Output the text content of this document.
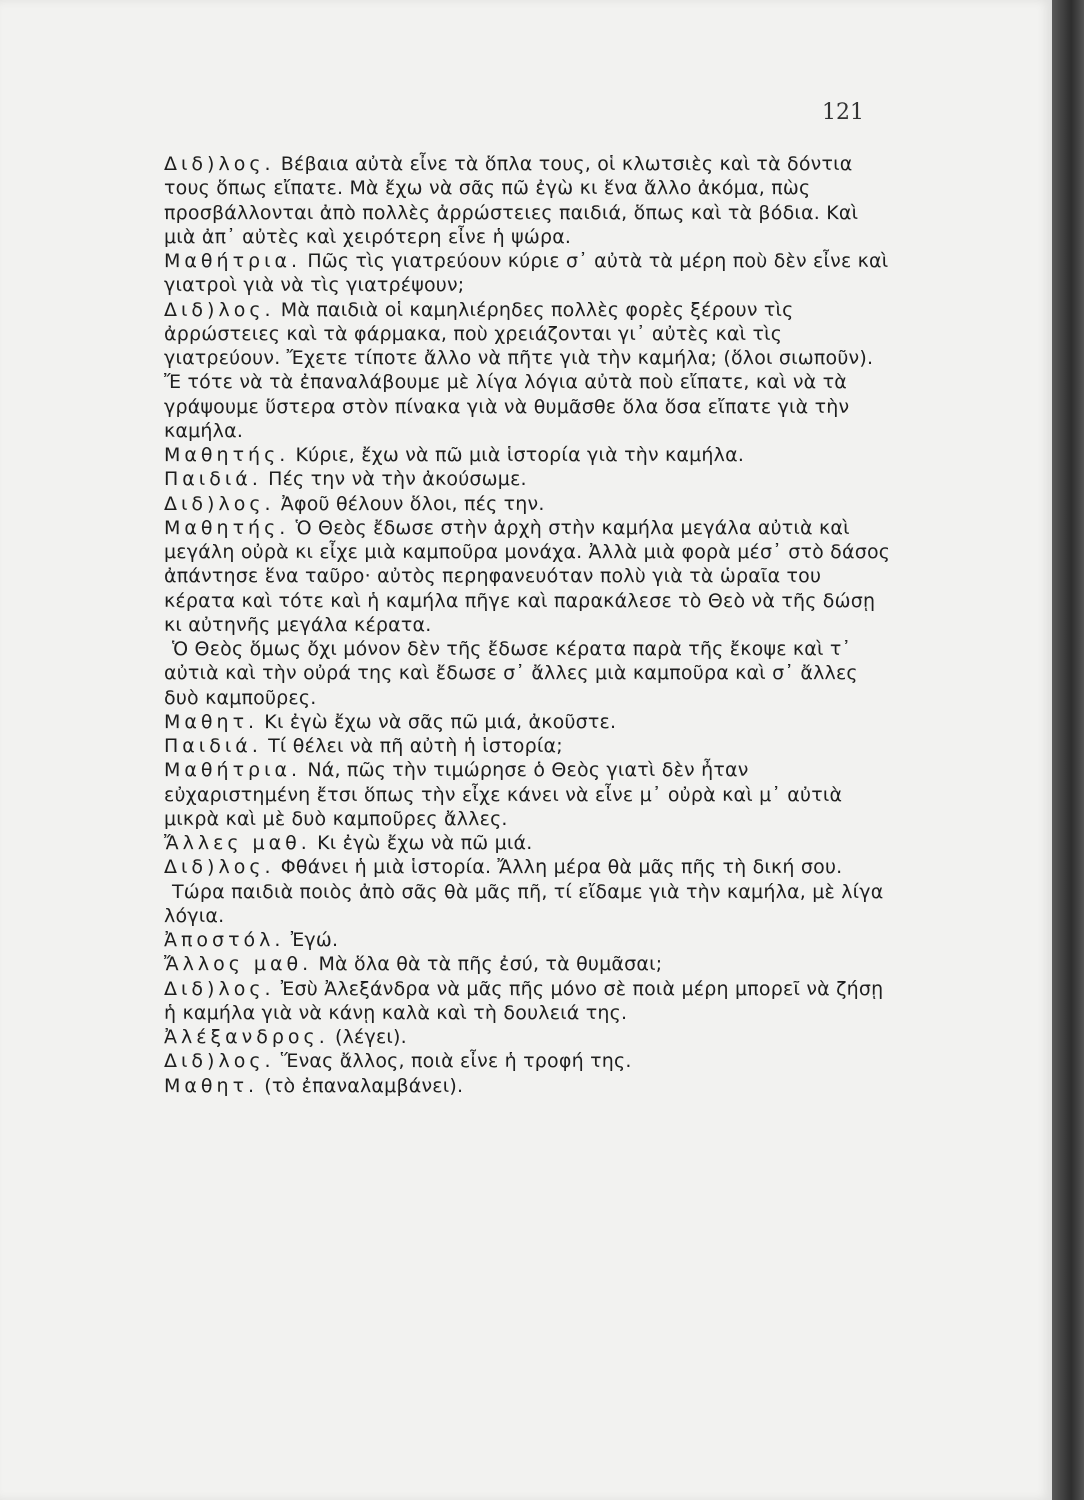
121

Διδ)λος. Βέβαια αὐτὰ εἶνε τὰ ὅπλα τους, οἱ κλωτσιὲς καὶ τὰ δόντια τους ὅπως εἴπατε. Μὰ ἔχω νὰ σᾶς πῶ ἐγὼ κι ἕνα ἄλλο ἀκόμα, πὼς προσβάλλονται ἀπὸ πολλὲς ἀρρώστειες παιδιά, ὅπως καὶ τὰ βόδια. Καὶ μιὰ ἀπ᾽ αὐτὲς καὶ χειρότερη εἶνε ἡ ψώρα.

Μαθήτρια. Πῶς τὶς γιατρεύουν κύριε σ᾽ αὐτὰ τὰ μέρη ποὺ δὲν εἶνε καὶ γιατροὶ γιὰ νὰ τὶς γιατρέψουν;

Διδ)λος. Μὰ παιδιὰ οἱ καμηλιέρηδες πολλὲς φορὲς ξέρουν τὶς ἀρρώστειες καὶ τὰ φάρμακα, ποὺ χρειάζονται γι᾽ αὐτὲς καὶ τὶς γιατρεύουν. Ἔχετε τίποτε ἄλλο νὰ πῆτε γιὰ τὴν καμήλα; (ὅλοι σιωποῦν). Ἔ τότε νὰ τὰ ἐπαναλάβουμε μὲ λίγα λόγια αὐτὰ ποὺ εἴπατε, καὶ νὰ τὰ γράψουμε ὕστερα στὸν πίνακα γιὰ νὰ θυμᾶσθε ὅλα ὅσα εἴπατε γιὰ τὴν καμήλα.

Μαθητής. Κύριε, ἔχω νὰ πῶ μιὰ ἱστορία γιὰ τὴν καμήλα.

Παιδιά. Πές την νὰ τὴν ἀκούσωμε.

Διδ)λος. Ἀφοῦ θέλουν ὅλοι, πές την.

Μαθητής. Ὁ Θεὸς ἔδωσε στὴν ἀρχὴ στὴν καμήλα μεγάλα αὐτιὰ καὶ μεγάλη οὐρὰ κι εἶχε μιὰ καμποῦρα μονάχα. Ἀλλὰ μιὰ φορὰ μέσ᾽ στὸ δάσος ἀπάντησε ἕνα ταῦρο· αὐτὸς περηφανευόταν πολὺ γιὰ τὰ ὡραῖα του κέρατα καὶ τότε καὶ ἡ καμήλα πῆγε καὶ παρακάλεσε τὸ Θεὸ νὰ τῆς δώσῃ κι αὐτηνῆς μεγάλα κέρατα.

Ὁ Θεὸς ὅμως ὄχι μόνον δὲν τῆς ἔδωσε κέρατα παρὰ τῆς ἔκοψε καὶ τ᾽ αὐτιὰ καὶ τὴν οὐρά της καὶ ἔδωσε σ᾽ ἄλλες μιὰ καμποῦρα καὶ σ᾽ ἄλλες δυὸ καμποῦρες.

Μαθητ. Κι ἐγὼ ἔχω νὰ σᾶς πῶ μιά, ἀκοῦστε.

Παιδιά. Τί θέλει νὰ πῆ αὐτὴ ἡ ἱστορία;

Μαθήτρια. Νά, πῶς τὴν τιμώρησε ὁ Θεὸς γιατὶ δὲν ἦταν εὐχαριστημένη ἔτσι ὅπως τὴν εἶχε κάνει νὰ εἶνε μ᾽ οὐρὰ καὶ μ᾽ αὐτιὰ μικρὰ καὶ μὲ δυὸ καμποῦρες ἄλλες.

Ἄλλες μαθ. Κι ἐγὼ ἔχω νὰ πῶ μιά.

Διδ)λος. Φθάνει ἡ μιὰ ἱστορία. Ἄλλη μέρα θὰ μᾶς πῆς τὴ δική σου.

Τώρα παιδιὰ ποιὸς ἀπὸ σᾶς θὰ μᾶς πῆ, τί εἴδαμε γιὰ τὴν καμήλα, μὲ λίγα λόγια.

Ἀποστόλ. Ἐγώ.

Ἄλλος μαθ. Μὰ ὅλα θὰ τὰ πῆς ἐσύ, τὰ θυμᾶσαι;

Διδ)λος. Ἐσὺ Ἀλεξάνδρα νὰ μᾶς πῆς μόνο σὲ ποιὰ μέρη μπορεῖ νὰ ζήσῃ ἡ καμήλα γιὰ νὰ κάνῃ καλὰ καὶ τὴ δουλειά της.

Ἀλέξανδρος. (λέγει).

Διδ)λος. Ἕνας ἄλλος, ποιὰ εἶνε ἡ τροφή της.

Μαθητ. (τὸ ἐπαναλαμβάνει).
